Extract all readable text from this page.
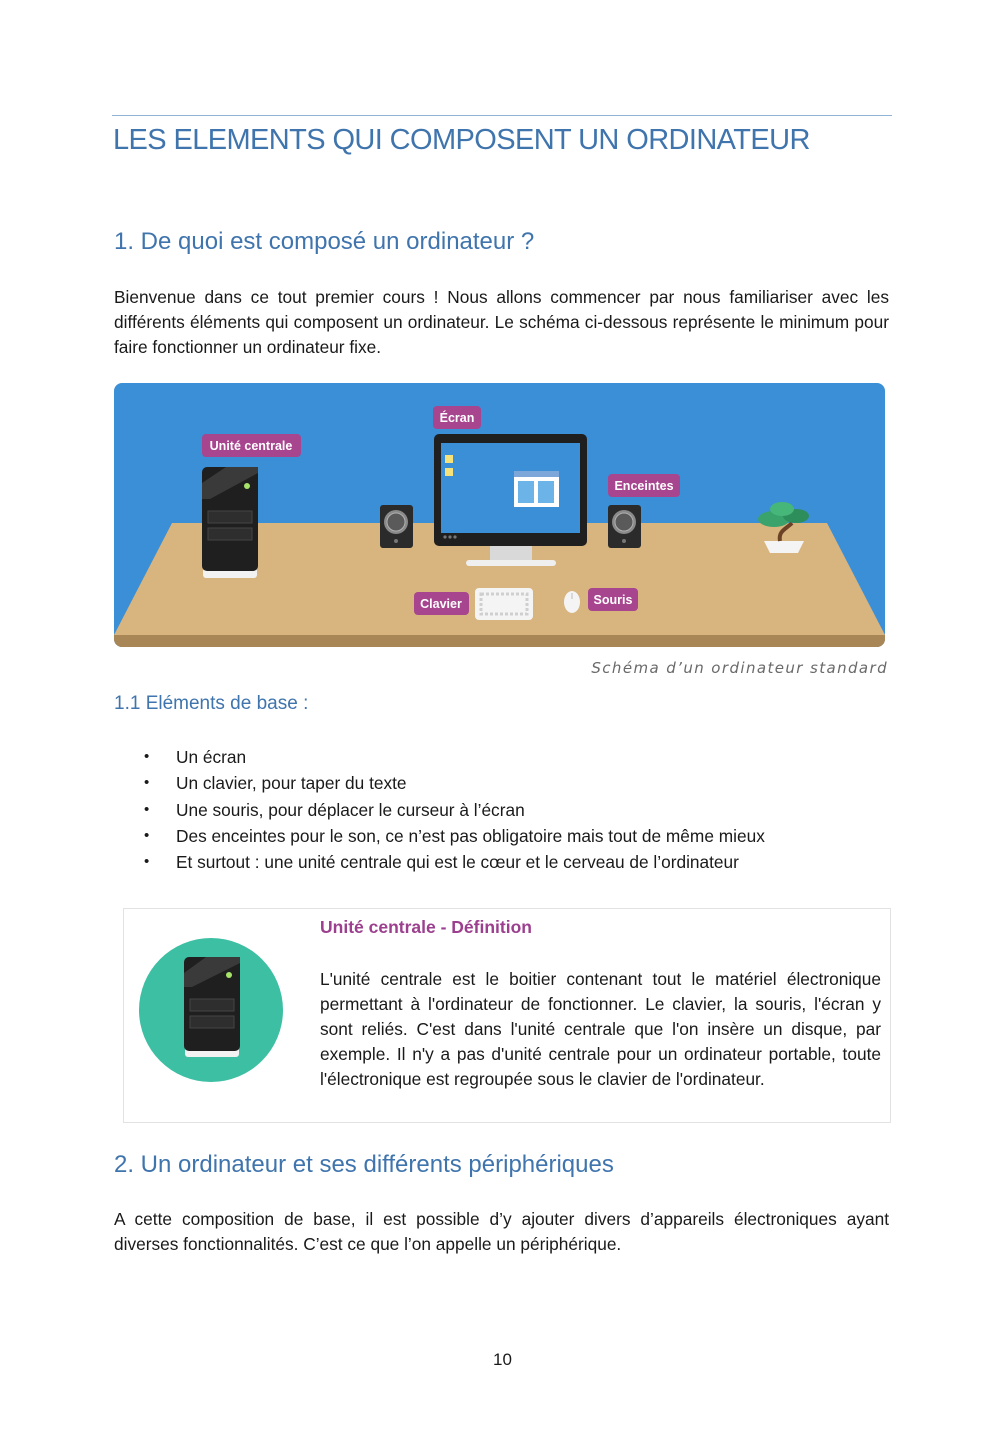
LES ELEMENTS QUI COMPOSENT UN ORDINATEUR
1. De quoi est composé un ordinateur ?

Bienvenue dans ce tout premier cours ! Nous allons commencer par nous familiariser avec les différents éléments qui composent un ordinateur. Le schéma ci-dessous représente le minimum pour faire fonctionner un ordinateur fixe.

Unité centrale
Écran
Enceintes
Clavier	Souris
Schéma d’un ordinateur standard
1.1 Eléments de base :
• Un écran
• Un clavier, pour taper du texte
• Une souris, pour déplacer le curseur à l’écran
• Des enceintes pour le son, ce n’est pas obligatoire mais tout de même mieux
• Et surtout : une unité centrale qui est le cœur et le cerveau de l’ordinateur
Unité centrale - Définition

L'unité centrale est le boitier contenant tout le matériel électronique permettant à l'ordinateur de fonctionner. Le clavier, la souris, l'écran y sont reliés. C'est dans l'unité centrale que l'on insère un disque, par exemple. Il n'y a pas d'unité centrale pour un ordinateur portable, toute l'électronique est regroupée sous le clavier de l'ordinateur.

2. Un ordinateur et ses différents périphériques

A cette composition de base, il est possible d’y ajouter divers d’appareils électroniques ayant diverses fonctionnalités. C’est ce que l’on appelle un périphérique.

10
